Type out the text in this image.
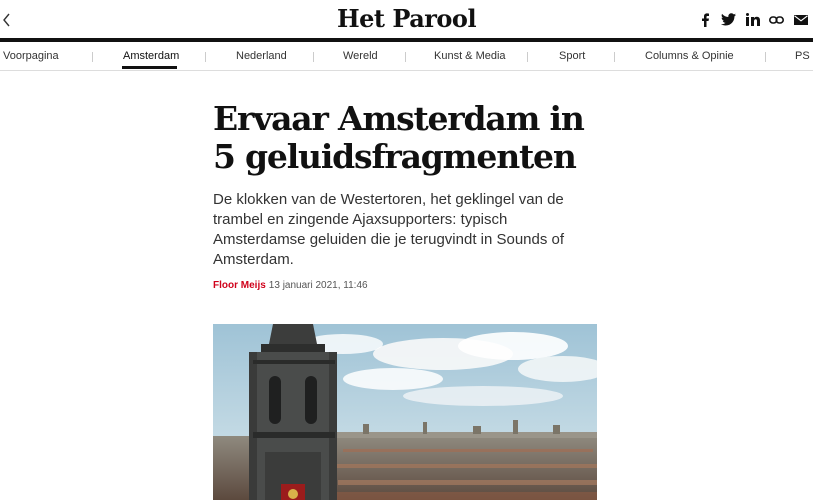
Het Parool
Voorpagina	Amsterdam	Nederland	Wereld	Kunst & Media	Sport	Columns & Opinie	PS
Ervaar Amsterdam in 5 geluidsfragmenten

De klokken van de Westertoren, het geklingel van de trambel en zingende Ajaxsupporters: typisch Amsterdamse geluiden die je terugvindt in Sounds of Amsterdam.

Floor Meijs 13 januari 2021, 11:46
